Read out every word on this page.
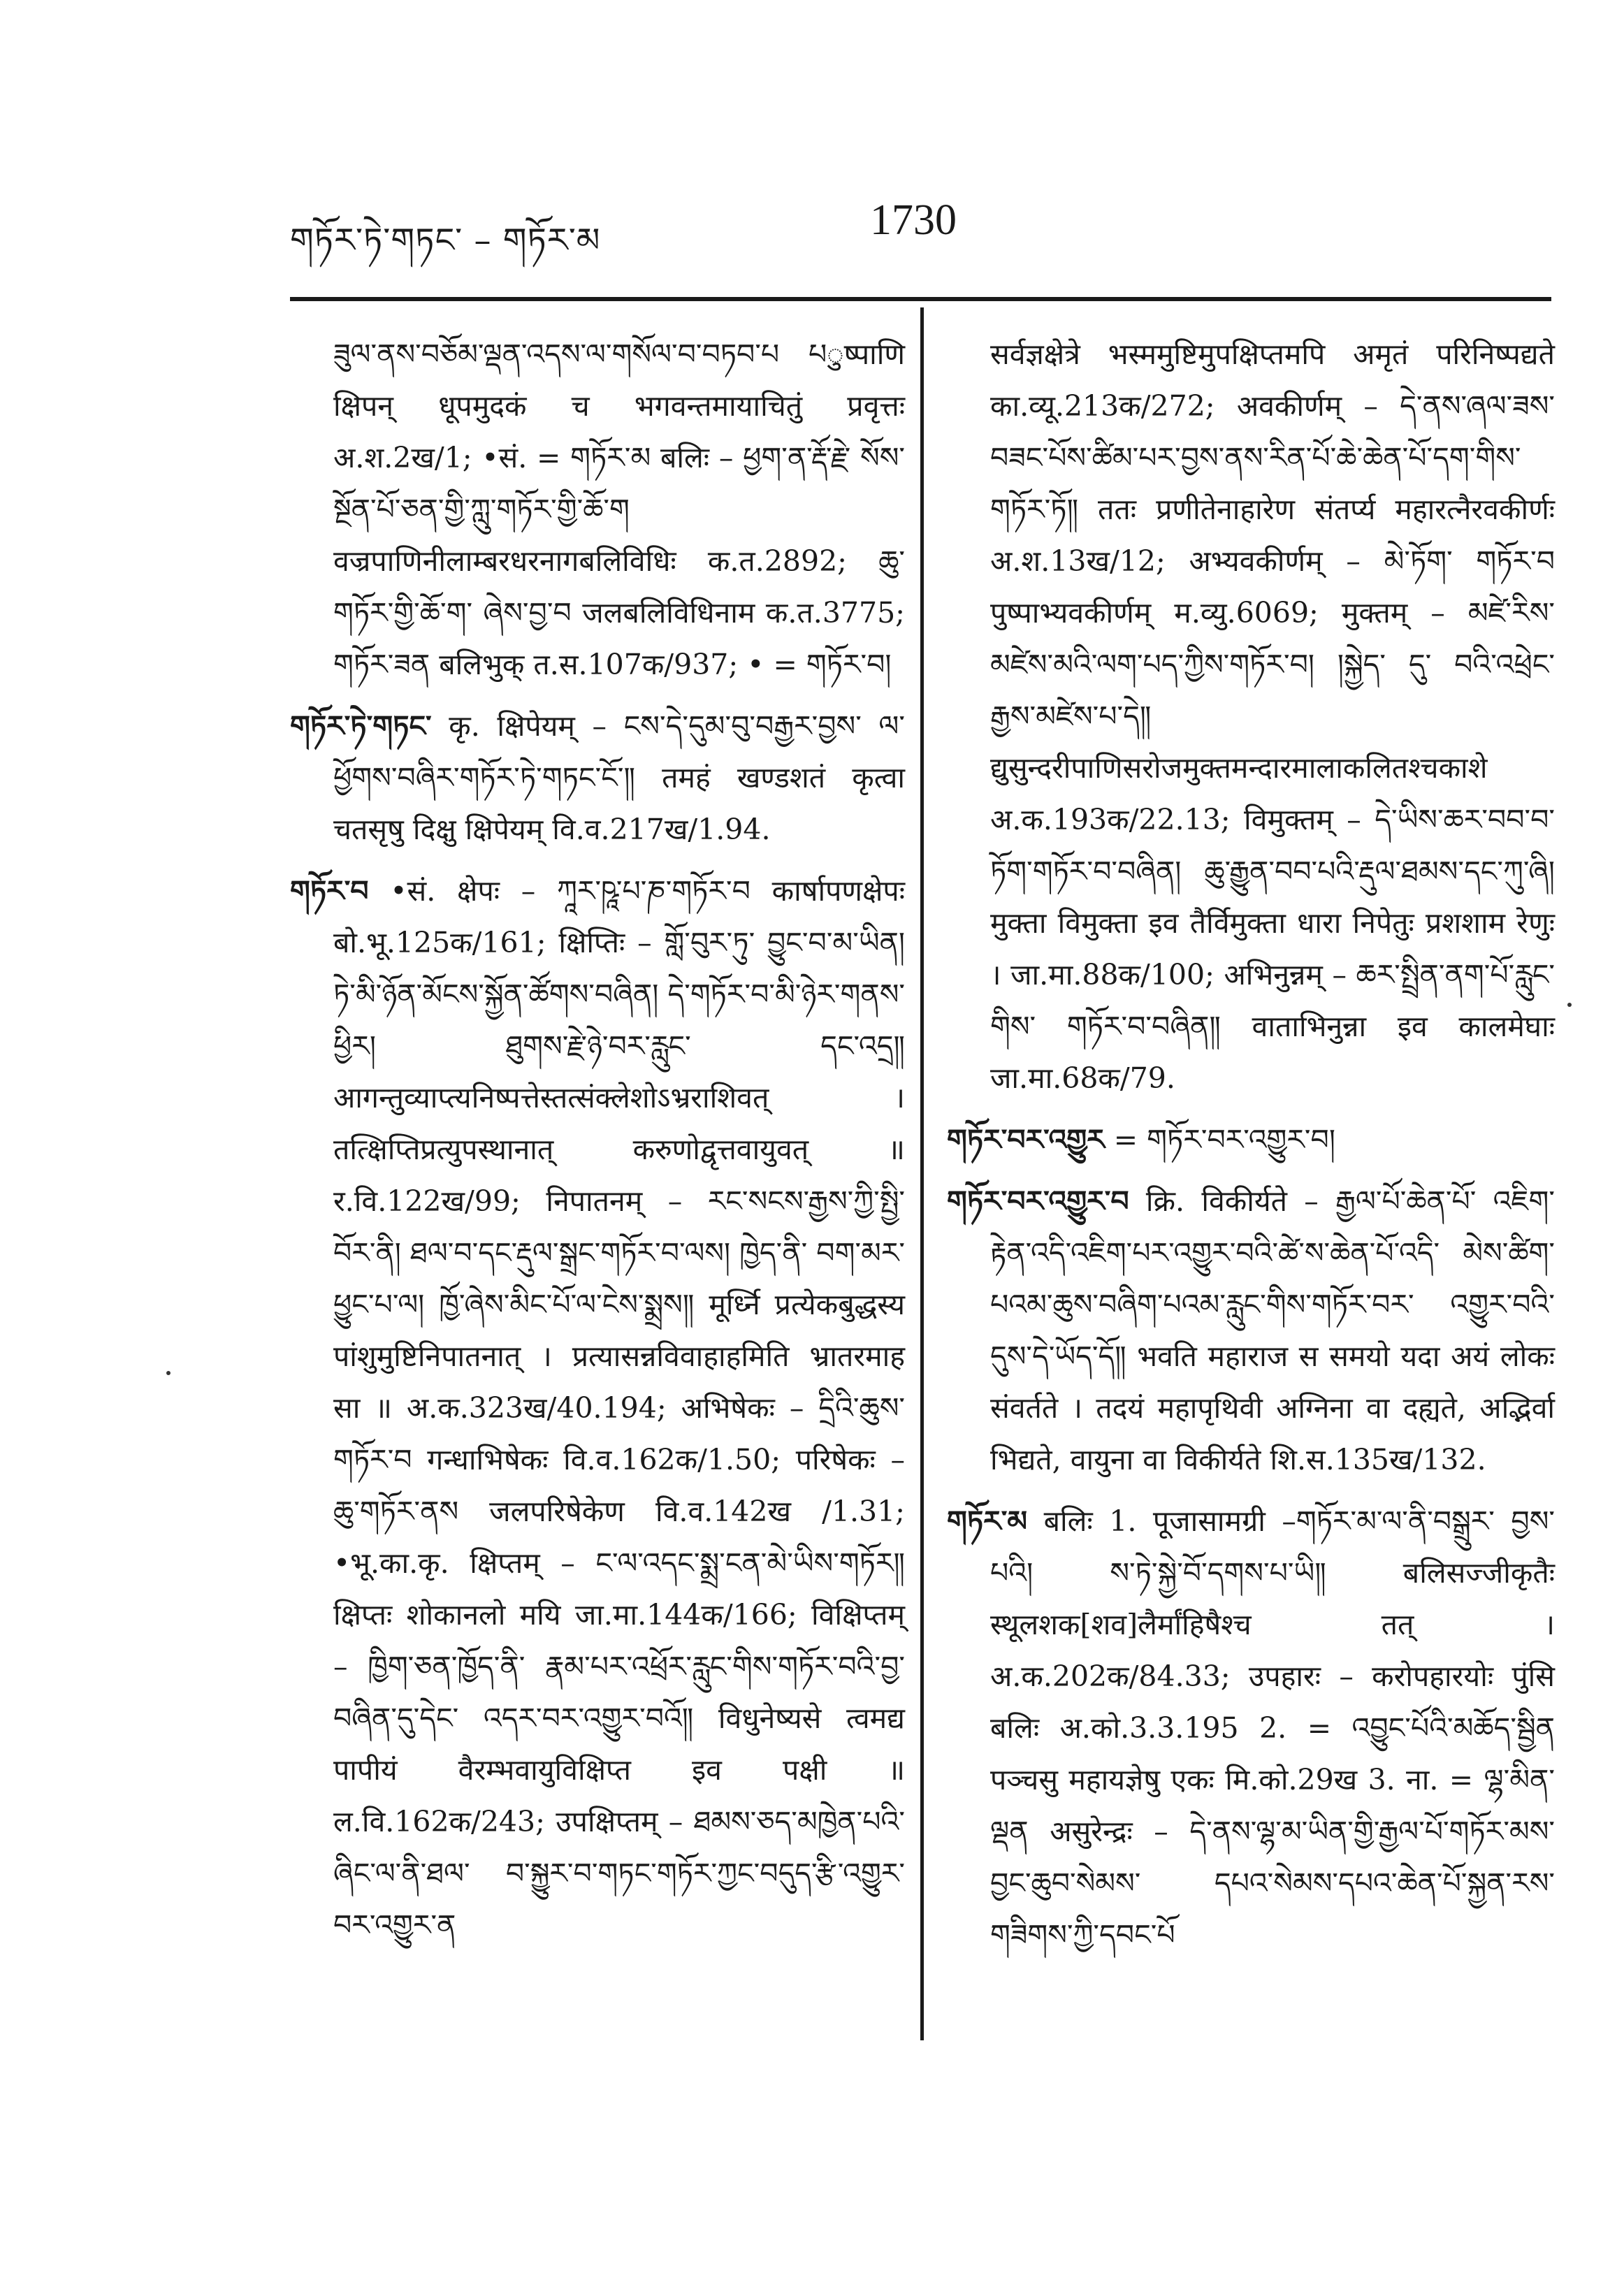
གཏོར་ཏེ་གཏང་ – གཏོར་མ	1730

ཟུལ་ནས་བཅོམ་ལྡན་འདས་ལ་གསོལ་བ་བཏབ་པ པुष्पाणि क्षिपन् धूपमुदकं च भगवन्तमायाचितुं प्रवृत्तः अ.श.2ख/1; •सं. = གཏོར་མ बलिः – ཕྱག་ན་རྡོ་རྗེ་ སོས་སྔོན་པོ་ཅན་གྱི་ཀླུ་གཏོར་གྱི་ཆོ་ག वज्रपाणिनीलाम्बरधरनागबलिविधिः क.त.2892; ཆུ་གཏོར་གྱི་ཆོ་ག་ ཞེས་བྱ་བ जलबलिविधिनाम क.त.3775; གཏོར་ཟན बलिभुक् त.स.107क/937; • = གཏོར་བ།

གཏོར་ཏེ་གཏང་ कृ. क्षिपेयम् – ངས་དེ་དུམ་བུ་བརྒྱར་བྱས་ ལ་ཕྱོགས་བཞིར་གཏོར་ཏེ་གཏང་ངོ་༎ तमहं खण्डशतं कृत्वा चतसृषु दिक्षु क्षिपेयम् वि.व.217ख/1.94.

གཏོར་བ •सं. क्षेपः – ཀཱར་ཥཱ་པ་ཎ་གཏོར་བ कार्षापणक्षेपः बो.भू.125क/161; क्षिप्तिः – གློ་བུར་ཏུ་ བྱུང་བ་མ་ཡིན། ཏེ་མི་ཉོན་མོངས་སྐྱོན་ཚོགས་བཞིན། དེ་གཏོར་བ་མི་ཉེར་གནས་ཕྱིར། ཐུགས་རྗེ་ཉེ་བར་རླུང་ དང་འདྲ༎ आगन्तुव्याप्त्यनिष्पत्तेस्तत्संक्लेशोऽभ्रराशिवत् । तत्क्षिप्तिप्रत्युपस्थानात् करुणोद्वृत्तवायुवत् ॥ र.वि.122ख/99; निपातनम् – རང་སངས་རྒྱས་ཀྱི་སྤྱི་ བོར་ནི། ཐལ་བ་དང་རྡུལ་སྒྲང་གཏོར་བ་ལས། ཁྱེད་ནི་ བག་མར་ཕྱུང་པ་ལ། ཁྱོ་ཞེས་མིང་པོ་ལ་ངེས་སྨྲས༎ मूर्ध्नि प्रत्येकबुद्धस्य पांशुमुष्टिनिपातनात् । प्रत्यासन्नविवाहाहमिति भ्रातरमाह सा ॥ अ.क.323ख/40.194; अभिषेकः – དྲིའི་ཆུས་གཏོར་བ गन्धाभिषेकः वि.व.162क/1.50; परिषेकः – ཆུ་གཏོར་ནས जलपरिषेकेण वि.व.142ख /1.31; •भू.का.कृ. क्षिप्तम् – ང་ལ་འདང་སྨྲ་ངན་མེ་ཡིས་གཏོར༎ क्षिप्तः शोकानलो मयि जा.मा.144क/166; विक्षिप्तम् – ཁྱིག་ཅན་ཁྱོད་ནི་ རྣམ་པར་འཕྲོར་རླུང་གིས་གཏོར་བའི་བྱ་བཞིན་དུ་དེང་ འདར་བར་འགྱུར་བའོ༎ विधुनेष्यसे त्वमद्य पापीयं वैरम्भवायुविक्षिप्त इव पक्षी ॥ ल.वि.162क/243; उपक्षिप्तम् – ཐམས་ཅད་མཁྱེན་པའི་ཞིང་ལ་ནི་ཐལ་ བ་སྐྱུར་བ་གཏང་གཏོར་ཀྱང་བདུད་རྩི་འགྱུར་བར་འགྱུར་ན

सर्वज्ञक्षेत्रे भस्ममुष्टिमुपक्षिप्तमपि अमृतं परिनिष्पद्यते का.व्यू.213क/272; अवकीर्णम् – དེ་ནས་ཞལ་ཟས་ བཟང་པོས་ཚིམ་པར་བྱས་ནས་རིན་པོ་ཆེ་ཆེན་པོ་དག་གིས་ གཏོར་ཏོ༎ ततः प्रणीतेनाहारेण संतर्प्य महारत्नैरवकीर्णः अ.श.13ख/12; अभ्यवकीर्णम् – མེ་ཏོག་ གཏོར་བ पुष्पाभ्यवकीर्णम् म.व्यु.6069; मुक्तम् – མཛེ་རིས་མཛེས་མའི་ལག་པད་ཀྱིས་གཏོར་བ། །སྐྱེད་ དུ་ བའི་འཕྲེང་རྒྱས་མཛེས་པ་དེ༎ द्युसुन्दरीपाणिसरोजमुक्तमन्दारमालाकलितश्चकाशे अ.क.193क/22.13; विमुक्तम् – དེ་ཡིས་ཆར་བབ་བ་ཏོག་གཏོར་བ་བཞིན། ཆུ་རྒྱུན་བབ་པའི་རྡུལ་ཐམས་དང་ཀུ་ཞི། मुक्ता विमुक्ता इव तैर्विमुक्ता धारा निपेतुः प्रशशाम रेणुः । जा.मा.88क/100; अभिनुन्नम् – ཆར་སྤྲིན་ནག་པོ་རླུང་གིས་ གཏོར་བ་བཞིན༎ वाताभिनुन्ना इव कालमेघाः जा.मा.68क/79.

གཏོར་བར་འགྱུར = གཏོར་བར་འགྱུར་བ།

གཏོར་བར་འགྱུར་བ क्रि. विकीर्यते – རྒྱལ་པོ་ཆེན་པོ་ འཇིག་རྟེན་འདི་འཇིག་པར་འགྱུར་བའི་ཚེ་ས་ཆེན་པོ་འདི་ མེས་ཚིག་པའམ་ཆུས་བཞིག་པའམ་རླུང་གིས་གཏོར་བར་ འགྱུར་བའི་དུས་དེ་ཡོད་དོ༎ भवति महाराज स समयो यदा अयं लोकः संवर्तते । तदयं महापृथिवी अग्निना वा दह्यते, अद्भिर्वा भिद्यते, वायुना वा विकीर्यते शि.स.135ख/132.

གཏོར་མ बलिः 1. पूजासामग्री –གཏོར་མ་ལ་ནི་བསྒྲུར་ བྱས་པའི། ས་ཏེ་སྐྱེ་བོ་དགས་པ་ཡི༎ बलिसज्जीकृतैः स्थूलशक[शव]लैर्मांहिषैश्च तत् । अ.क.202क/84.33; उपहारः – करोपहारयोः पुंसि बलिः अ.को.3.3.195 2. = འབྱུང་པོའི་མཆོད་སྦྱིན पञ्चसु महायज्ञेषु एकः मि.को.29ख 3. ना. = ལྷ་མིན་ལྡན असुरेन्द्रः – དེ་ནས་ལྷ་མ་ཡིན་གྱི་རྒྱལ་པོ་གཏོར་མས་བྱང་ཆུབ་སེམས་ དཔའ་སེམས་དཔའ་ཆེན་པོ་སྐྱན་རས་གཟིགས་ཀྱི་དབང་པོ
